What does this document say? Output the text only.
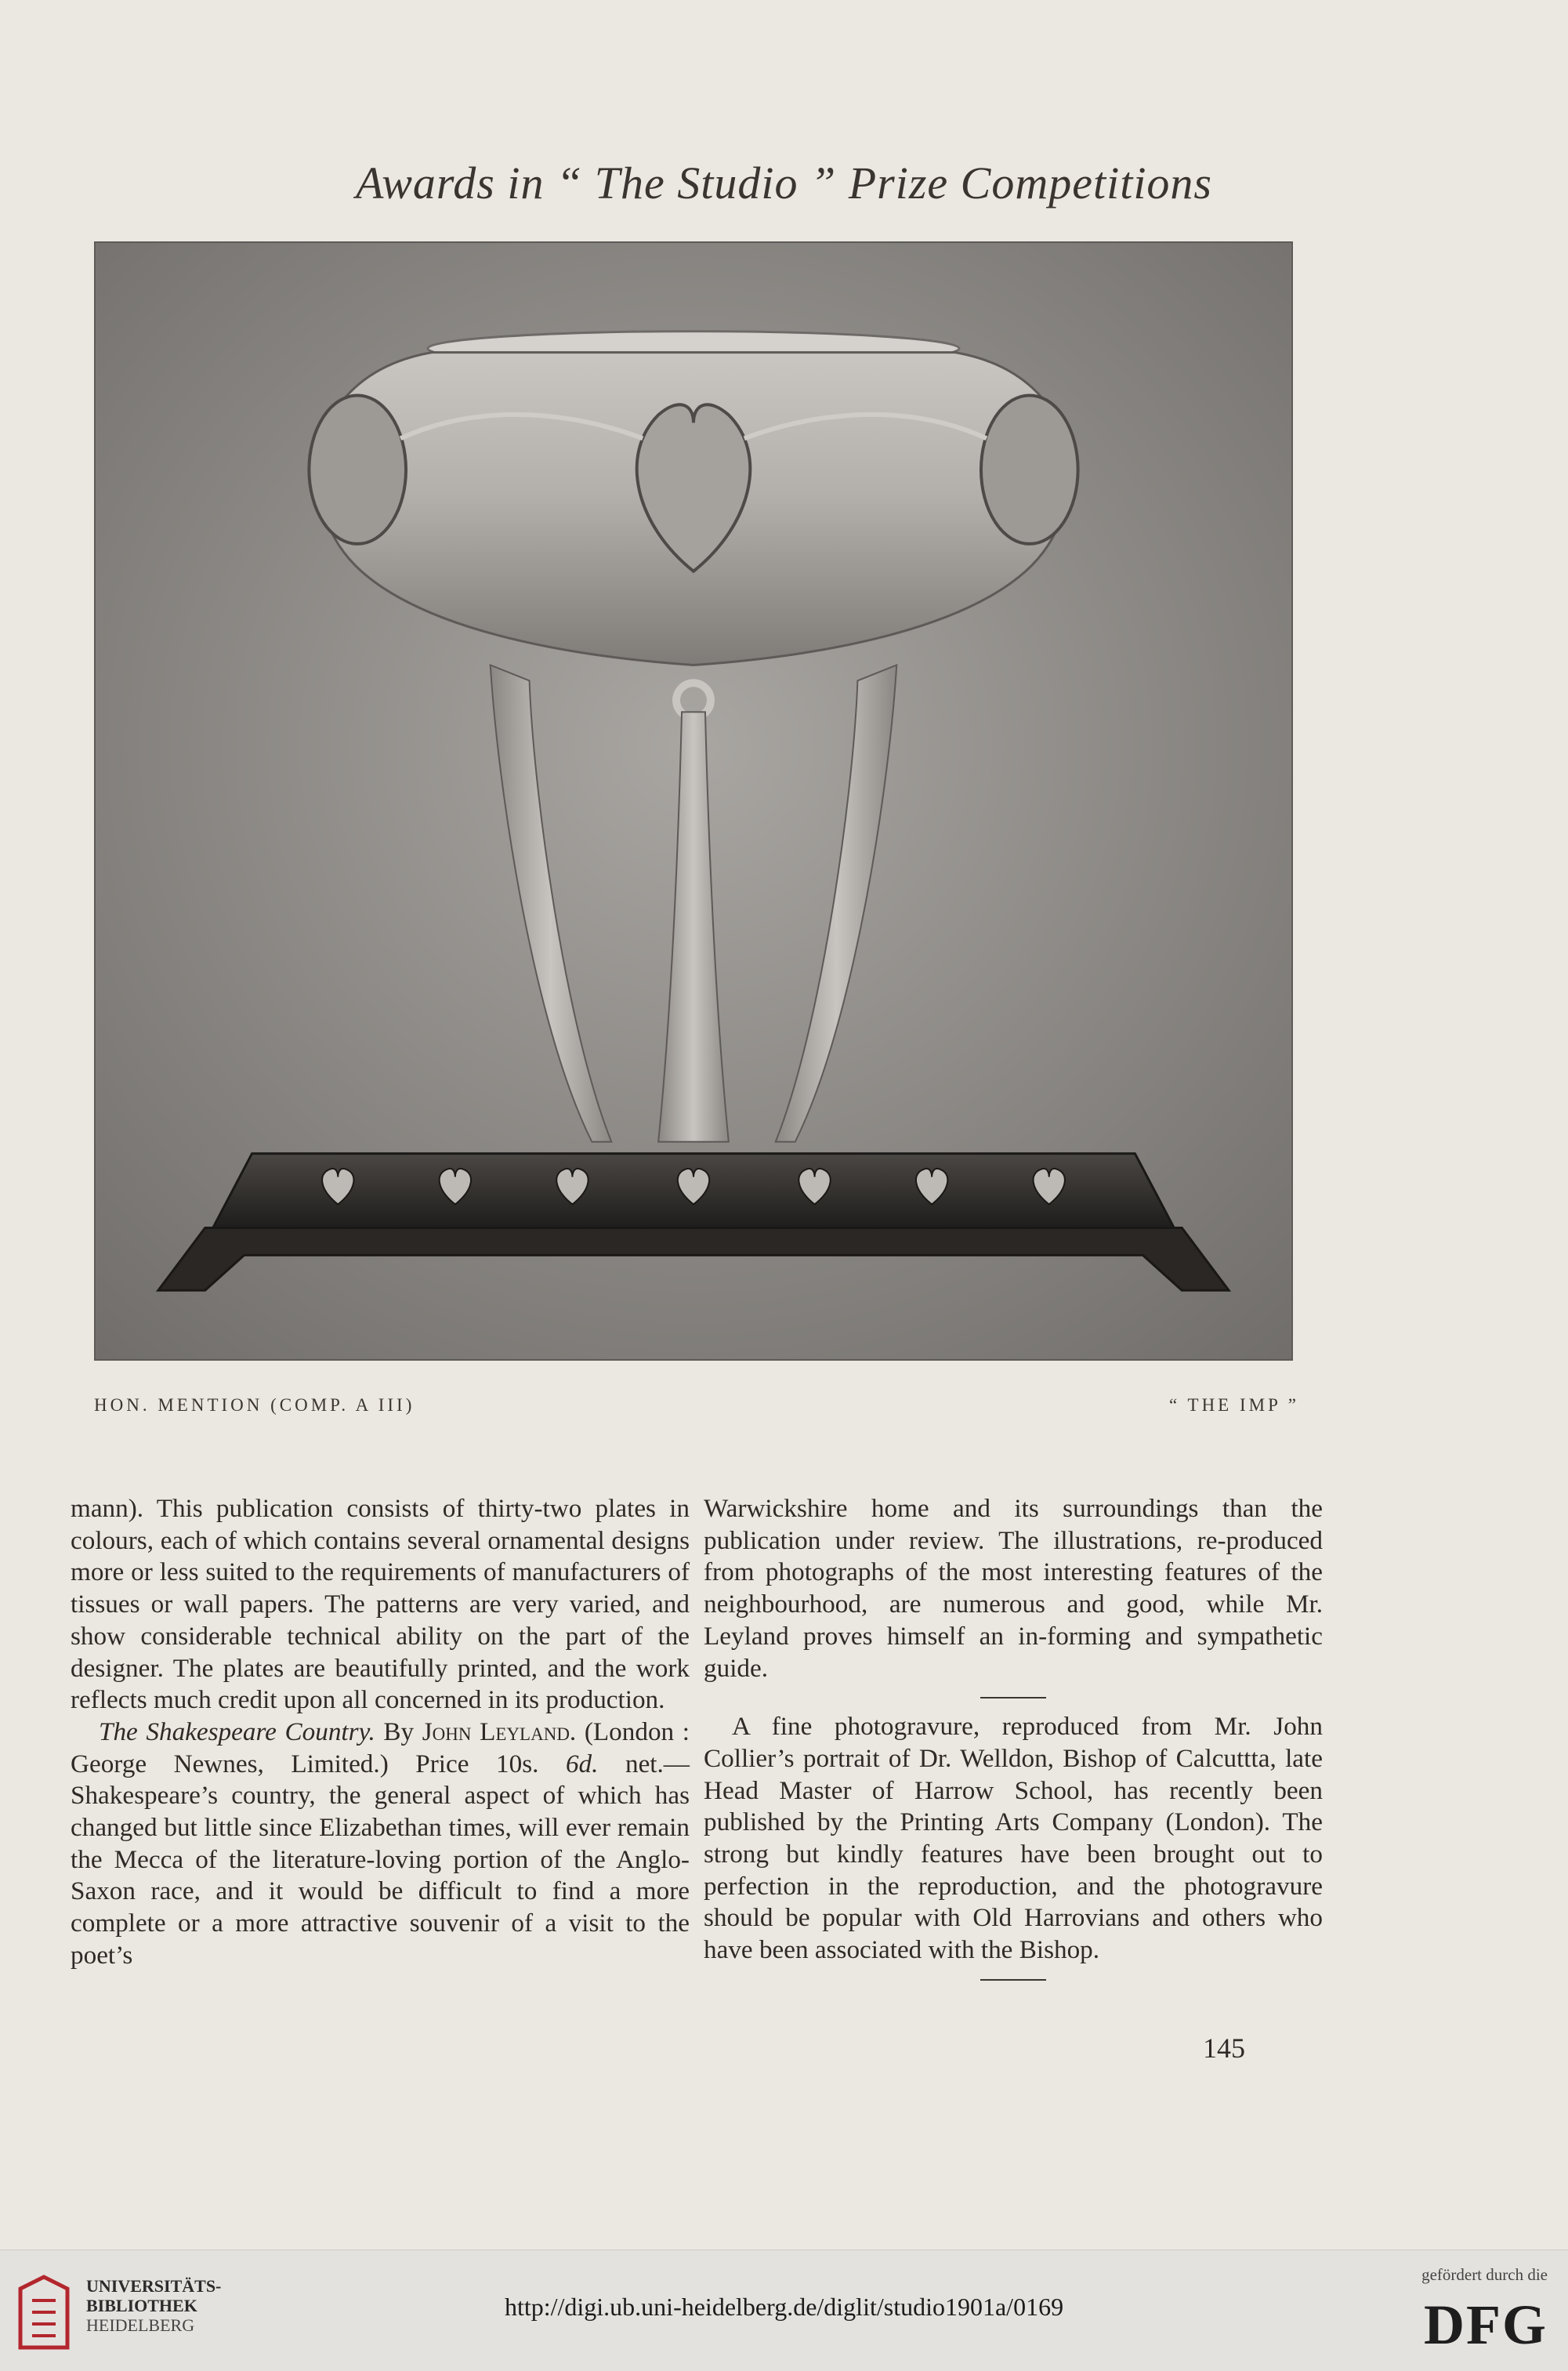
Awards in “ The Studio ” Prize Competitions
HON. MENTION (COMP. A III)	“ THE IMP ”

mann). This publication consists of thirty-two plates in colours, each of which contains several ornamental designs more or less suited to the requirements of manufacturers of tissues or wall papers. The patterns are very varied, and show considerable technical ability on the part of the designer. The plates are beautifully printed, and the work reflects much credit upon all concerned in its production.

The Shakespeare Country. By John Leyland. (London : George Newnes, Limited.) Price 10s. 6d. net.—Shakespeare’s country, the general aspect of which has changed but little since Elizabethan times, will ever remain the Mecca of the literature-loving portion of the Anglo-Saxon race, and it would be difficult to find a more complete or a more attractive souvenir of a visit to the poet’s

Warwickshire home and its surroundings than the publication under review. The illustrations, re-produced from photographs of the most interesting features of the neighbourhood, are numerous and good, while Mr. Leyland proves himself an in-forming and sympathetic guide.

A fine photogravure, reproduced from Mr. John Collier’s portrait of Dr. Welldon, Bishop of Calcuttta, late Head Master of Harrow School, has recently been published by the Printing Arts Company (London). The strong but kindly features have been brought out to perfection in the reproduction, and the photogravure should be popular with Old Harrovians and others who have been associated with the Bishop.

145
UNIVERSITÄTS-
BIBLIOTHEK
HEIDELBERG
http://digi.ub.uni-heidelberg.de/diglit/studio1901a/0169
gefördert durch die
DFG
